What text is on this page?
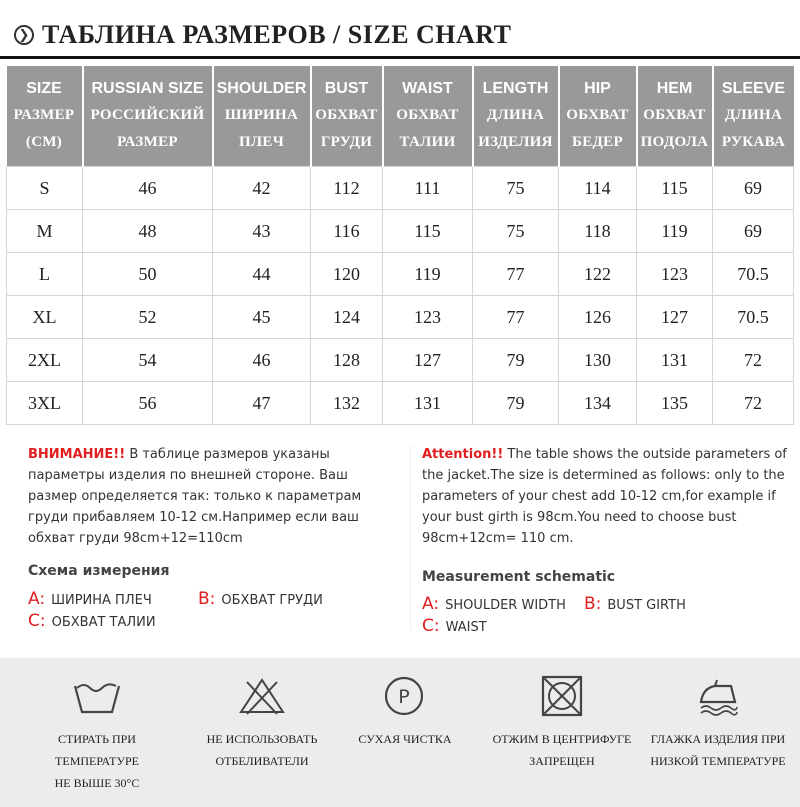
❯ ТАБЛИНА РАЗМЕРОВ / SIZE CHART
SIZE
РАЗМЕР
(CM)	RUSSIAN SIZE
РОССИЙСКИЙ
РАЗМЕР	SHOULDER
ШИРИНА
ПЛЕЧ	BUST
ОБХВАТ
ГРУДИ	WAIST
ОБХВАТ
ТАЛИИ	LENGTH
ДЛИНА
ИЗДЕЛИЯ	HIP
ОБХВАТ
БЕДЕР	HEM
ОБХВАТ
ПОДОЛА	SLEEVE
ДЛИНА
РУКАВА

S	46	42	112	111	75	114	115	69
M	48	43	116	115	75	118	119	69
L	50	44	120	119	77	122	123	70.5
XL	52	45	124	123	77	126	127	70.5
2XL	54	46	128	127	79	130	131	72
3XL	56	47	132	131	79	134	135	72
ВНИМАНИЕ!! В таблице размеров указаны параметры изделия по внешней стороне. Ваш размер определяется так: только к параметрам груди прибавляем 10-12 см.Например если ваш обхват груди 98cm+12=110cm
Схема измерения
A: ШИРИНА ПЛЕЧ	B: ОБХВАТ ГРУДИ
C: ОБХВАТ ТАЛИИ
Attention!! The table shows the outside parameters of the jacket.The size is determined as follows: only to the parameters of your chest add 10-12 cm,for example if your bust girth is 98cm.You need to choose bust 98cm+12cm= 110 cm.
Measurement schematic
A: SHOULDER WIDTH B: BUST GIRTH
C: WAIST
СТИРАТЬ ПРИ ТЕМПЕРАТУРЕ
НЕ ВЫШЕ 30°C
НЕ ИСПОЛЬЗОВАТЬ
ОТБЕЛИВАТЕЛИ
P
СУХАЯ ЧИСТКА	ОТЖИМ В ЦЕНТРИФУГЕ
ЗАПРЕЩЕН
ГЛАЖКА ИЗДЕЛИЯ ПРИ
НИЗКОЙ ТЕМПЕРАТУРЕ
